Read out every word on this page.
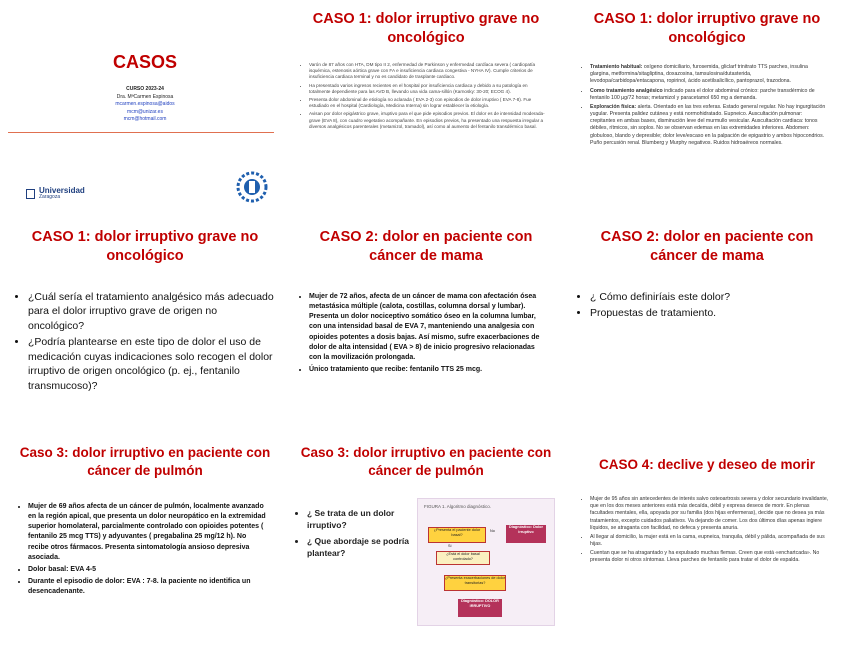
CASOS
CURSO 2023-24
Dra. MªCarmen Espinosa
mcarmen.espinosa@aidos
mcm@unizar.es
mcm@hotmail.com
Universidad
Zaragoza
CASO 1: dolor irruptivo grave no oncológico
• Varón de 87 años con HTA, DM tipo II 2, enfermedad de Parkinson y enfermedad cardíaca severa ( cardiopatía isquémica, estenosis aórtica grave con FA e insuficiencia cardiaca congestiva - NYHA IV). Cumple criterios de insuficiencia cardiaca terminal y no es candidato de trasplante cardiaco.
• Ha presentado varios ingresos recientes en el hospital por insuficiencia cardiaca y debido a su patología en totalmente dependiente para las AVD B, llevando una vida cama-sillón (Karnosky: 30-20; ECOG 4).
• Presenta dolor abdominal de etiología no aclarada ( EVA 2-3) con episodios de dolor irruptivo ( EVA 7-8). Fue estudiado en el hospital (Cardiología, Medicina Interna) sin lograr establecer la etiología.
• Avisan por dolor epigástrico grave, irruptivo para el que pide episodios previos. El dolor es de intensidad moderada-grave (EVA 8), con cuadro vegetativo acompañante. En episodios previos, ha presentado una respuesta irregular a diversos analgésicos parenterales (metamizol, tramadol), así como al aumento del fentanilo transdérmico basal.
CASO 1: dolor irruptivo grave no oncológico
• Tratamiento habitual: oxígeno domiciliario, furosemida, gliclarf trinitrato TTS parches, insulina glargina, metformina/sitagliptina, doxazosina, tamsulosina/dutasterida, levodopa/carbidopa/entacapona, ropirinol, ácido acetilsalicílico, pantoprazol, trazodona.
• Como tratamiento analgésico indicado para el dolor abdominal crónico: parche transdérmico de fentanilo 100 µg/72 horas; metamizol y paracetamol 650 mg a demanda.
• Exploración física: alerta. Orientado en las tres esferas. Estado general regular. No hay ingurgitación yugular. Presenta palidez cutánea y está normohidratado. Eupneico. Auscultación pulmonar: crepitantes en ambas bases, disminución leve del murmullo vesicular. Auscultación cardiaca: tonos débiles, rítmicos, sin soplos. No se observan edemas en las extremidades inferiores. Abdomen: globuloso, blando y depresible; dolor leve/escaso en la palpación de epigastrio y ambos hipocondrios. Puño percusión renal. Blumberg y Murphy negativos. Ruidos hidroaéreos normales.
CASO 1: dolor irruptivo grave no oncológico
• ¿Cuál sería el tratamiento analgésico más adecuado para el dolor irruptivo grave de origen no oncológico?
• ¿Podría plantearse en este tipo de dolor el uso de medicación cuyas indicaciones solo recogen el dolor irruptivo de origen oncológico (p. ej., fentanilo transmucoso)?
CASO 2: dolor en paciente con cáncer de mama
• Mujer de 72 años, afecta de un cáncer de mama con afectación ósea metastásica múltiple (calota, costillas, columna dorsal y lumbar). Presenta un dolor nociceptivo somático óseo en la columna lumbar, con una intensidad basal de EVA 7, manteniendo una analgesia con opioides potentes a dosis bajas. Así mismo, sufre exacerbaciones de dolor de alta intensidad ( EVA > 8) de inicio progresivo relacionadas con la movilización prolongada.
• Único tratamiento que recibe: fentanilo TTS 25 mcg.
CASO 2: dolor en paciente con cáncer de mama
• ¿ Cómo definiríais este dolor?
• Propuestas de tratamiento.
Caso 3: dolor irruptivo en paciente con cáncer de pulmón
• Mujer de 69 años afecta de un cáncer de pulmón, localmente avanzado en la región apical, que presenta un dolor neuropático en la extremidad superior homolateral, parcialmente controlado con opioides potentes ( fentanilo 25 mcg TTS) y adyuvantes ( pregabalina 25 mg/12 h). No recibe otros fármacos. Presenta sintomatología ansioso depresiva asociada.
• Dolor basal: EVA 4-5
• Durante el episodio de dolor: EVA : 7-8. la paciente no identifica un desencadenante.
Caso 3: dolor irruptivo en paciente con cáncer de pulmón
• ¿ Se trata de un dolor irruptivo?
• ¿ Que abordaje se podría plantear?
FIGURA 1. Algoritmo diagnóstico.
¿Presenta el paciente dolor basal?
Diagnóstico: Dolor irruptivo
¿Está el dolor basal controlado?
¿Presenta exacerbaciones de dolor transitorias?
Diagnóstico: DOLOR IRRUPTIVO
Sí
No
CASO 4: declive y deseo de morir
• Mujer de 95 años sin antecedentes de interés salvo osteoartrosis severa y dolor secundario invalidante, que en los dos meses anteriores está más decaída, débil y expresa deseos de morir. En plenas facultades mentales, ella, apoyada por su familia (dos hijas enfermeras), decide que no desea ya más tratamientos, excepto cuidados paliativos. Va dejando de comer. Los dos últimos días apenas ingiere líquidos, se atraganta con facilidad, no defeca y presenta anuria.
• Al llegar al domicilio, la mujer está en la cama, eupneica, tranquila, débil y pálida, acompañada de sus hijas.
• Cuentan que se ha atragantado y ha expulsado muchas flemas. Creen que está «enchartcada». No presenta dolor ni otros síntomas. Lleva parches de fentanilo para tratar el dolor de espalda.
